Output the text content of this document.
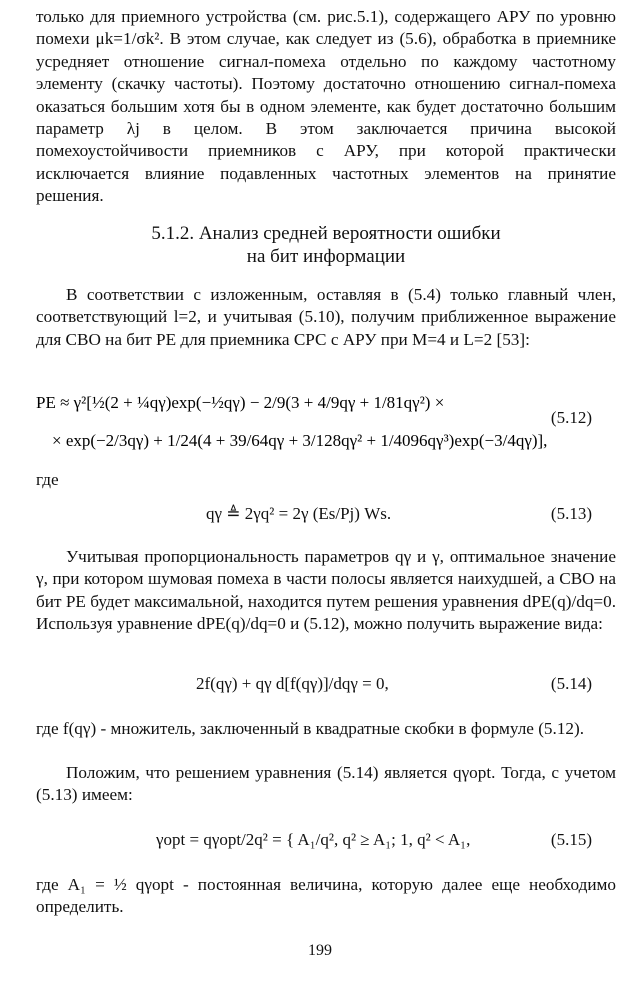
только для приемного устройства (см. рис.5.1), содержащего АРУ по уровню помехи μk=1/σk². В этом случае, как следует из (5.6), обработка в приемнике усредняет отношение сигнал-помеха отдельно по каждому частотному элементу (скачку частоты). Поэтому достаточно отношению сигнал-помеха оказаться большим хотя бы в одном элементе, как будет достаточно большим параметр λj в целом. В этом заключается причина высокой помехоустойчивости приемников с АРУ, при которой практически исключается влияние подавленных частотных элементов на принятие решения.

5.1.2. Анализ средней вероятности ошибки

на бит информации

В соответствии с изложенным, оставляя в (5.4) только главный член, соответствующий l=2, и учитывая (5.10), получим приближенное выражение для СВО на бит PE для приемника СРС с АРУ при M=4 и L=2 [53]:

PE ≈ γ²[½(2 + ¼qγ)exp(−½qγ) − 2/9(3 + 4/9qγ + 1/81qγ²) ×
× exp(−2/3qγ) + 1/24(4 + 39/64qγ + 3/128qγ² + 1/4096qγ³)exp(−3/4qγ)],
(5.12)
где
qγ ≜ 2γq² = 2γ (Es/Pj) Ws.	(5.13)

Учитывая пропорциональность параметров qγ и γ, оптимальное значение γ, при котором шумовая помеха в части полосы является наихудшей, а СВО на бит PE будет максимальной, находится путем решения уравнения dPE(q)/dq=0. Используя уравнение dPE(q)/dq=0 и (5.12), можно получить выражение вида:

2f(qγ) + qγ d[f(qγ)]/dqγ = 0,	(5.14)

где f(qγ) - множитель, заключенный в квадратные скобки в формуле (5.12).

Положим, что решением уравнения (5.14) является qγopt. Тогда, с учетом (5.13) имеем:

γopt = qγopt/2q² = { A₁/q², q² ≥ A₁; 1, q² < A₁,	(5.15)

где A₁ = ½ qγopt - постоянная величина, которую далее еще необходимо определить.

199
